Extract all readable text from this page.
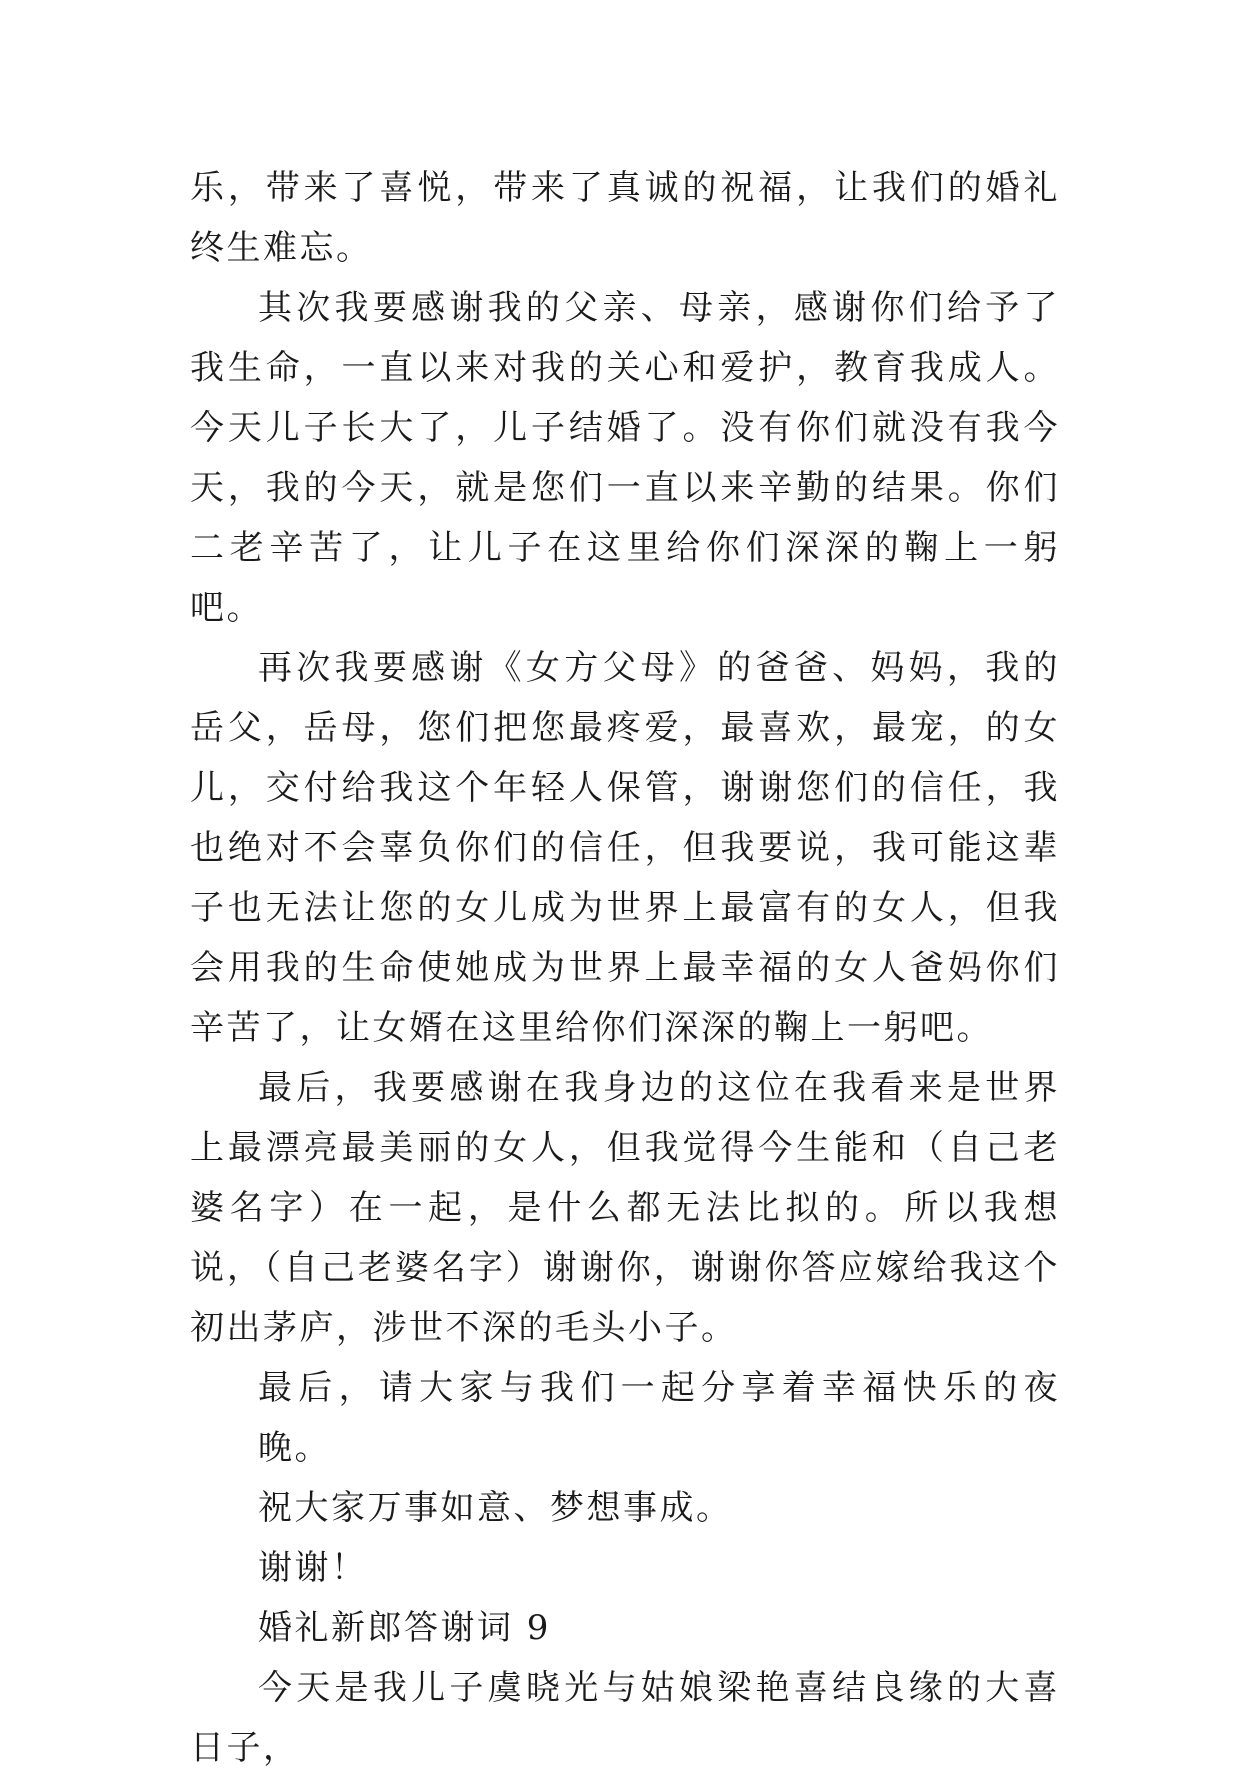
乐，带来了喜悦，带来了真诚的祝福，让我们的婚礼终生难忘。

其次我要感谢我的父亲、母亲，感谢你们给予了我生命，一直以来对我的关心和爱护，教育我成人。今天儿子长大了，儿子结婚了。没有你们就没有我今天，我的今天，就是您们一直以来辛勤的结果。你们二老辛苦了，让儿子在这里给你们深深的鞠上一躬吧。

再次我要感谢《女方父母》的爸爸、妈妈，我的岳父，岳母，您们把您最疼爱，最喜欢，最宠，的女儿，交付给我这个年轻人保管，谢谢您们的信任，我也绝对不会辜负你们的信任，但我要说，我可能这辈子也无法让您的女儿成为世界上最富有的女人，但我会用我的生命使她成为世界上最幸福的女人爸妈你们辛苦了，让女婿在这里给你们深深的鞠上一躬吧。

最后，我要感谢在我身边的这位在我看来是世界上最漂亮最美丽的女人，但我觉得今生能和（自己老婆名字）在一起，是什么都无法比拟的。所以我想说，（自己老婆名字）谢谢你，谢谢你答应嫁给我这个初出茅庐，涉世不深的毛头小子。

最后，请大家与我们一起分享着幸福快乐的夜晚。

祝大家万事如意、梦想事成。

谢谢！

婚礼新郎答谢词 9

今天是我儿子虞晓光与姑娘梁艳喜结良缘的大喜日子，
